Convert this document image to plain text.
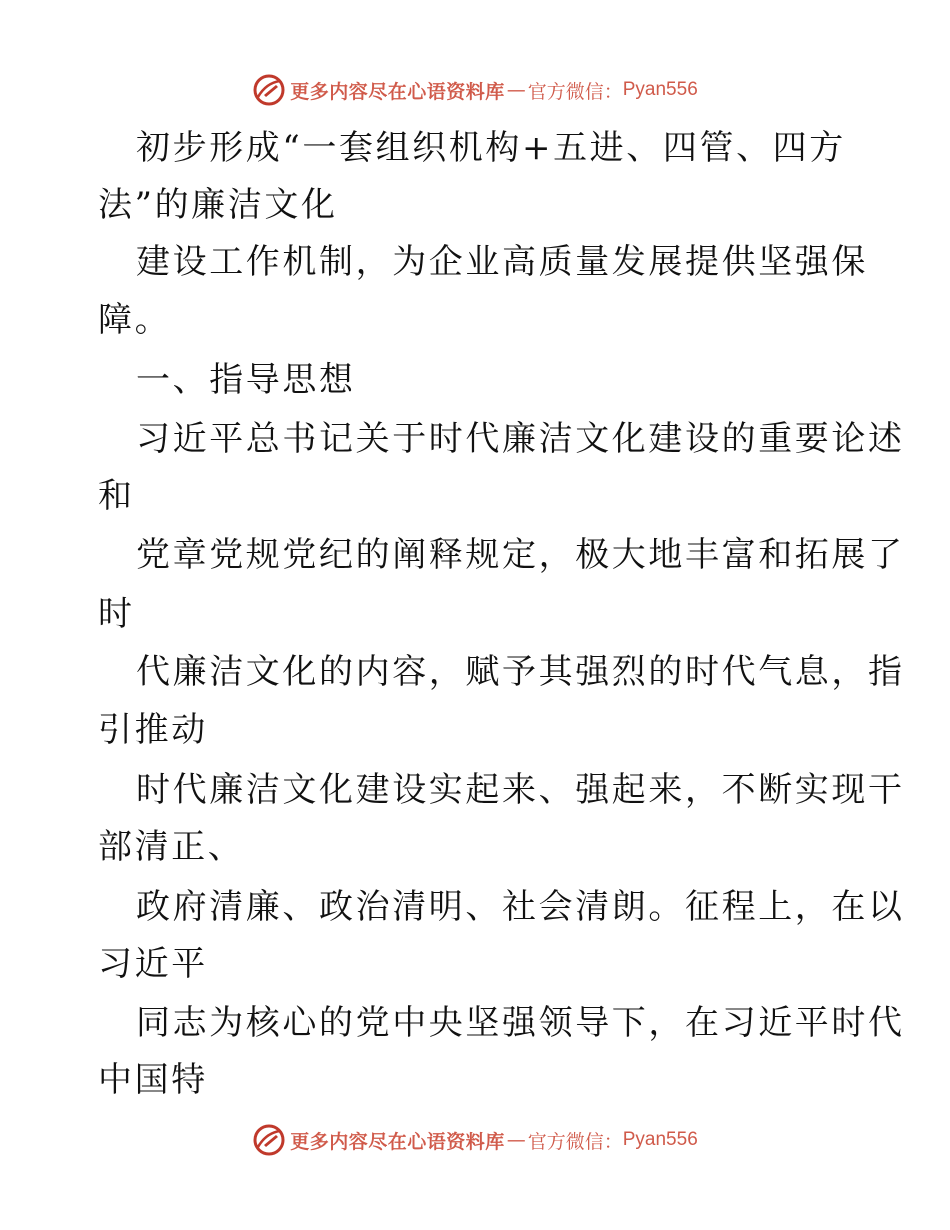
更多内容尽在心语资料库 — 官方微信： Pyan556
初步形成“一套组织机构+五进、四管、四方
法”的廉洁文化
建设工作机制，为企业高质量发展提供坚强保
障。
一、指导思想
习近平总书记关于时代廉洁文化建设的重要论述
和
党章党规党纪的阐释规定，极大地丰富和拓展了
时
代廉洁文化的内容，赋予其强烈的时代气息，指
引推动
时代廉洁文化建设实起来、强起来，不断实现干
部清正、
政府清廉、政治清明、社会清朗。征程上，在以
习近平
同志为核心的党中央坚强领导下，在习近平时代
中国特
更多内容尽在心语资料库 — 官方微信： Pyan556
